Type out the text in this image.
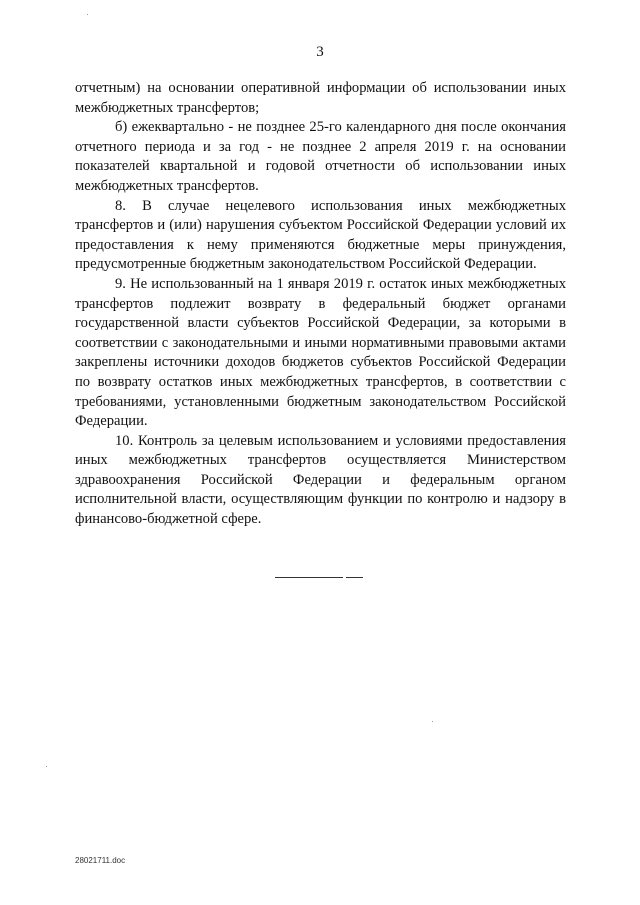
3

отчетным) на основании оперативной информации об использовании иных межбюджетных трансфертов;

б) ежеквартально - не позднее 25-го календарного дня после окончания отчетного периода и за год - не позднее 2 апреля 2019 г. на основании показателей квартальной и годовой отчетности об использовании иных межбюджетных трансфертов.

8. В случае нецелевого использования иных межбюджетных трансфертов и (или) нарушения субъектом Российской Федерации условий их предоставления к нему применяются бюджетные меры принуждения, предусмотренные бюджетным законодательством Российской Федерации.

9. Не использованный на 1 января 2019 г. остаток иных межбюджетных трансфертов подлежит возврату в федеральный бюджет органами государственной власти субъектов Российской Федерации, за которыми в соответствии с законодательными и иными нормативными правовыми актами закреплены источники доходов бюджетов субъектов Российской Федерации по возврату остатков иных межбюджетных трансфертов, в соответствии с требованиями, установленными бюджетным законодательством Российской Федерации.

10. Контроль за целевым использованием и условиями предоставления иных межбюджетных трансфертов осуществляется Министерством здравоохранения Российской Федерации и федеральным органом исполнительной власти, осуществляющим функции по контролю и надзору в финансово-бюджетной сфере.

28021711.doc
